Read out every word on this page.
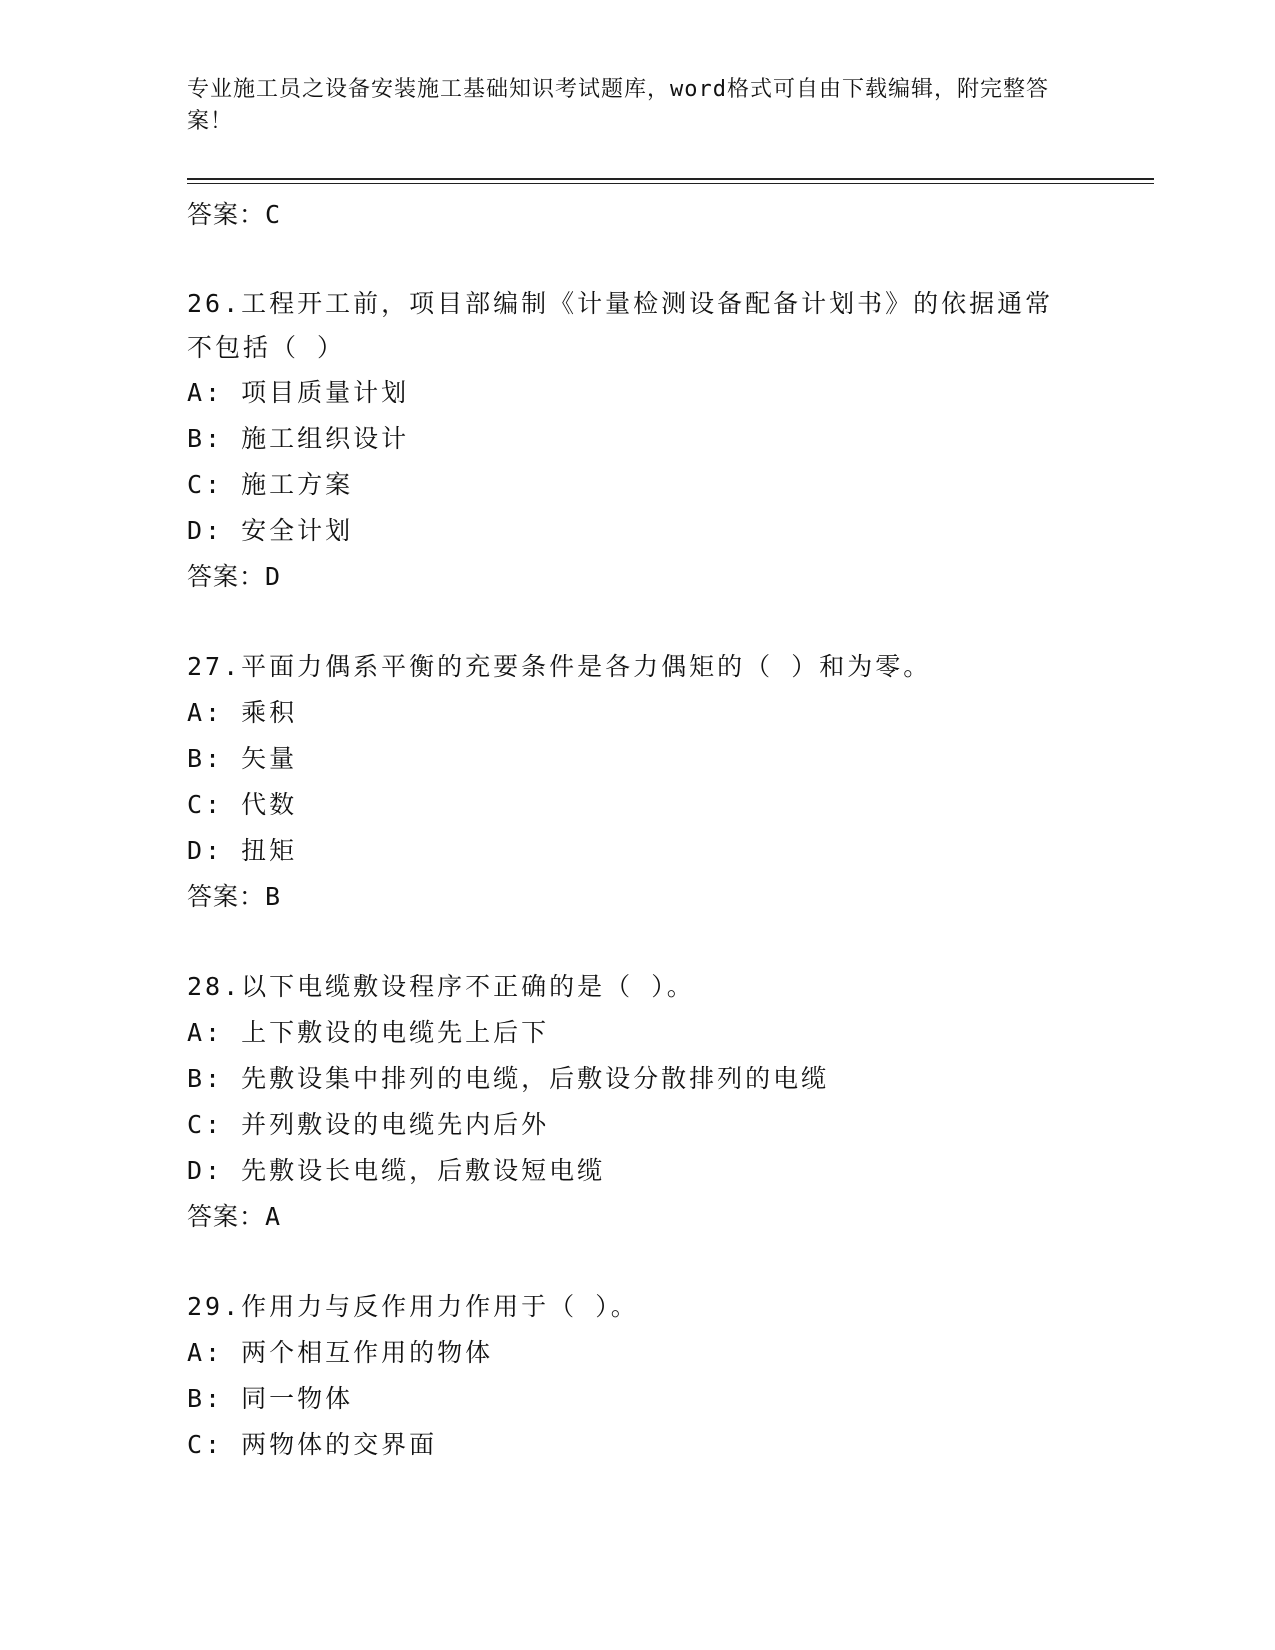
专业施工员之设备安装施工基础知识考试题库，word格式可自由下载编辑，附完整答案！
答案：C
26.工程开工前，项目部编制《计量检测设备配备计划书》的依据通常不包括（ ）
A: 项目质量计划
B: 施工组织设计
C: 施工方案
D: 安全计划
答案：D
27.平面力偶系平衡的充要条件是各力偶矩的（ ）和为零。
A: 乘积
B: 矢量
C: 代数
D: 扭矩
答案：B
28.以下电缆敷设程序不正确的是（ ）。
A: 上下敷设的电缆先上后下
B: 先敷设集中排列的电缆，后敷设分散排列的电缆
C: 并列敷设的电缆先内后外
D: 先敷设长电缆，后敷设短电缆
答案：A
29.作用力与反作用力作用于（ ）。
A: 两个相互作用的物体
B: 同一物体
C: 两物体的交界面
